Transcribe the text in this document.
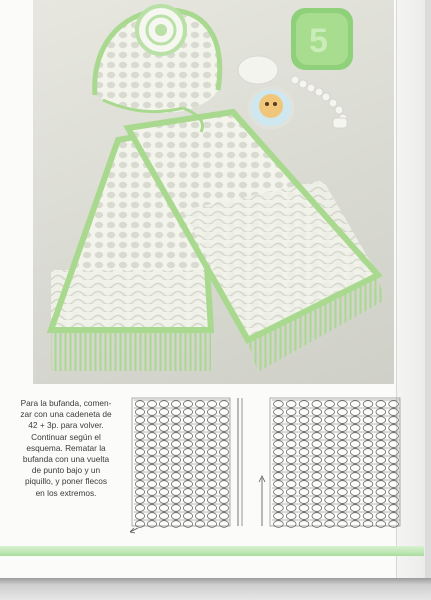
5
Para la bufanda, comen-
zar con una cadeneta de
42 + 3p. para volver.
Continuar según el
esquema. Rematar la
bufanda con una vuelta
de punto bajo y un
piquillo, y poner flecos
en los extremos.
